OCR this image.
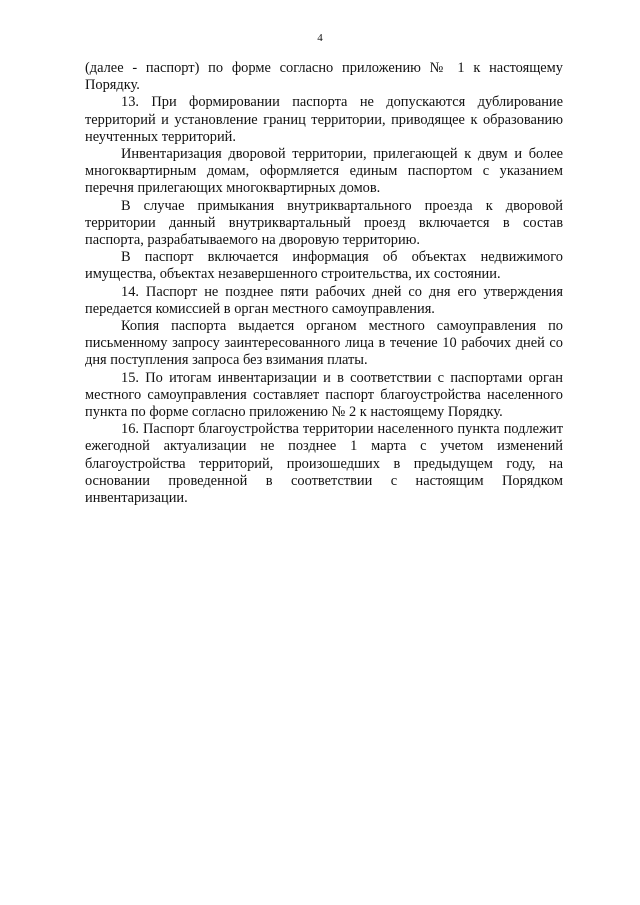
4

(далее - паспорт) по форме согласно приложению № 1 к настоящему Порядку.

13. При формировании паспорта не допускаются дублирование территорий и установление границ территории, приводящее к образованию неучтенных территорий.

Инвентаризация дворовой территории, прилегающей к двум и более многоквартирным домам, оформляется единым паспортом с указанием перечня прилегающих многоквартирных домов.

В случае примыкания внутриквартального проезда к дворовой территории данный внутриквартальный проезд включается в состав паспорта, разрабатываемого на дворовую территорию.

В паспорт включается информация об объектах недвижимого имущества, объектах незавершенного строительства, их состоянии.

14. Паспорт не позднее пяти рабочих дней со дня его утверждения передается комиссией в орган местного самоуправления.

Копия паспорта выдается органом местного самоуправления по письменному запросу заинтересованного лица в течение 10 рабочих дней со дня поступления запроса без взимания платы.

15. По итогам инвентаризации и в соответствии с паспортами орган местного самоуправления составляет паспорт благоустройства населенного пункта по форме согласно приложению № 2 к настоящему Порядку.

16. Паспорт благоустройства территории населенного пункта подлежит ежегодной актуализации не позднее 1 марта с учетом изменений благоустройства территорий, произошедших в предыдущем году, на основании проведенной в соответствии с настоящим Порядком инвентаризации.
